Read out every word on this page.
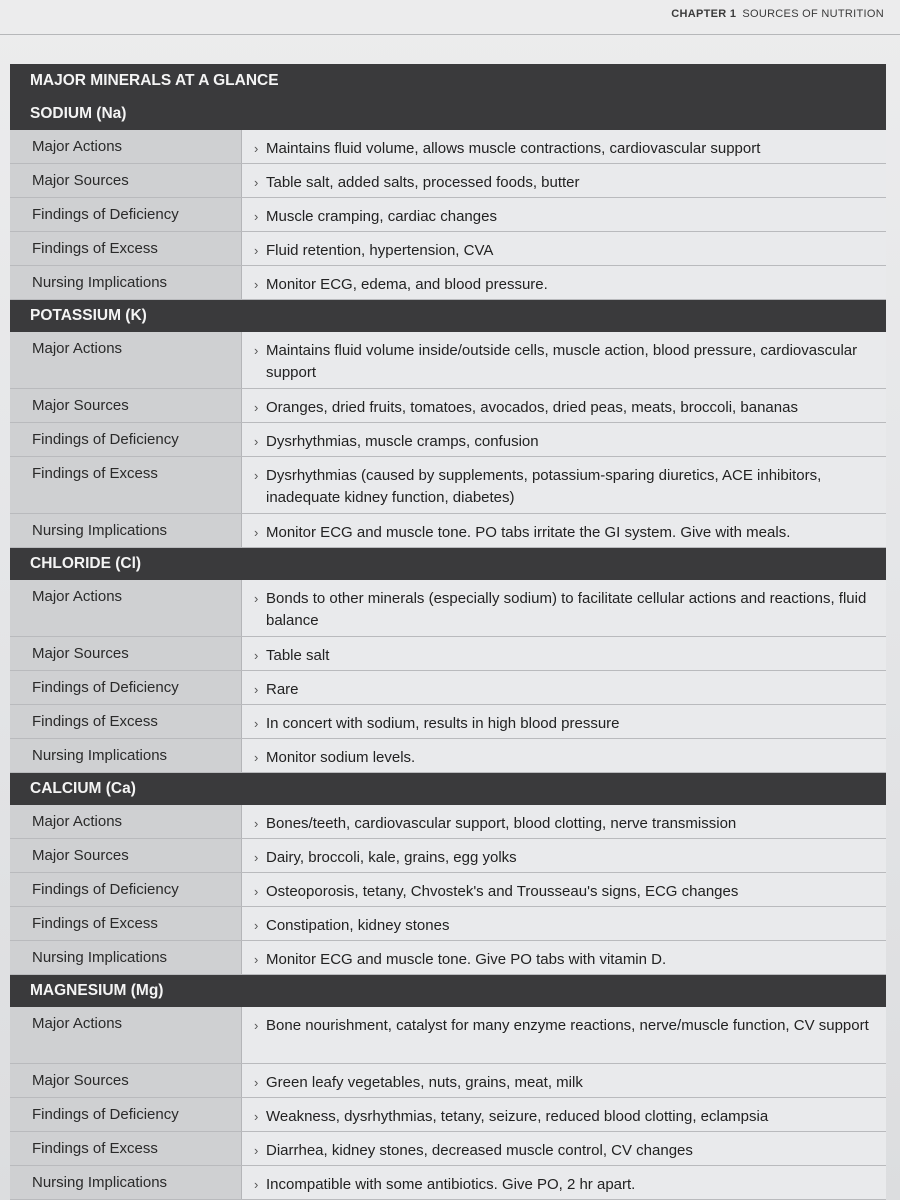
CHAPTER 1 SOURCES OF NUTRITION
MAJOR MINERALS AT A GLANCE
SODIUM (Na)
Major Actions	› Maintains fluid volume, allows muscle contractions, cardiovascular support
Major Sources	› Table salt, added salts, processed foods, butter
Findings of Deficiency	› Muscle cramping, cardiac changes
Findings of Excess	› Fluid retention, hypertension, CVA
Nursing Implications	› Monitor ECG, edema, and blood pressure.
POTASSIUM (K)
Major Actions	› Maintains fluid volume inside/outside cells, muscle action, blood pressure, cardiovascular support
Major Sources	› Oranges, dried fruits, tomatoes, avocados, dried peas, meats, broccoli, bananas
Findings of Deficiency	› Dysrhythmias, muscle cramps, confusion
Findings of Excess	› Dysrhythmias (caused by supplements, potassium-sparing diuretics, ACE inhibitors, inadequate kidney function, diabetes)
Nursing Implications	› Monitor ECG and muscle tone. PO tabs irritate the GI system. Give with meals.
CHLORIDE (Cl)
Major Actions	› Bonds to other minerals (especially sodium) to facilitate cellular actions and reactions, fluid balance
Major Sources	› Table salt
Findings of Deficiency	› Rare
Findings of Excess	› In concert with sodium, results in high blood pressure
Nursing Implications	› Monitor sodium levels.
CALCIUM (Ca)
Major Actions	› Bones/teeth, cardiovascular support, blood clotting, nerve transmission
Major Sources	› Dairy, broccoli, kale, grains, egg yolks
Findings of Deficiency	› Osteoporosis, tetany, Chvostek's and Trousseau's signs, ECG changes
Findings of Excess	› Constipation, kidney stones
Nursing Implications	› Monitor ECG and muscle tone. Give PO tabs with vitamin D.
MAGNESIUM (Mg)
Major Actions	› Bone nourishment, catalyst for many enzyme reactions, nerve/muscle function, CV support
Major Sources	› Green leafy vegetables, nuts, grains, meat, milk
Findings of Deficiency	› Weakness, dysrhythmias, tetany, seizure, reduced blood clotting, eclampsia
Findings of Excess	› Diarrhea, kidney stones, decreased muscle control, CV changes
Nursing Implications	› Incompatible with some antibiotics. Give PO, 2 hr apart.
